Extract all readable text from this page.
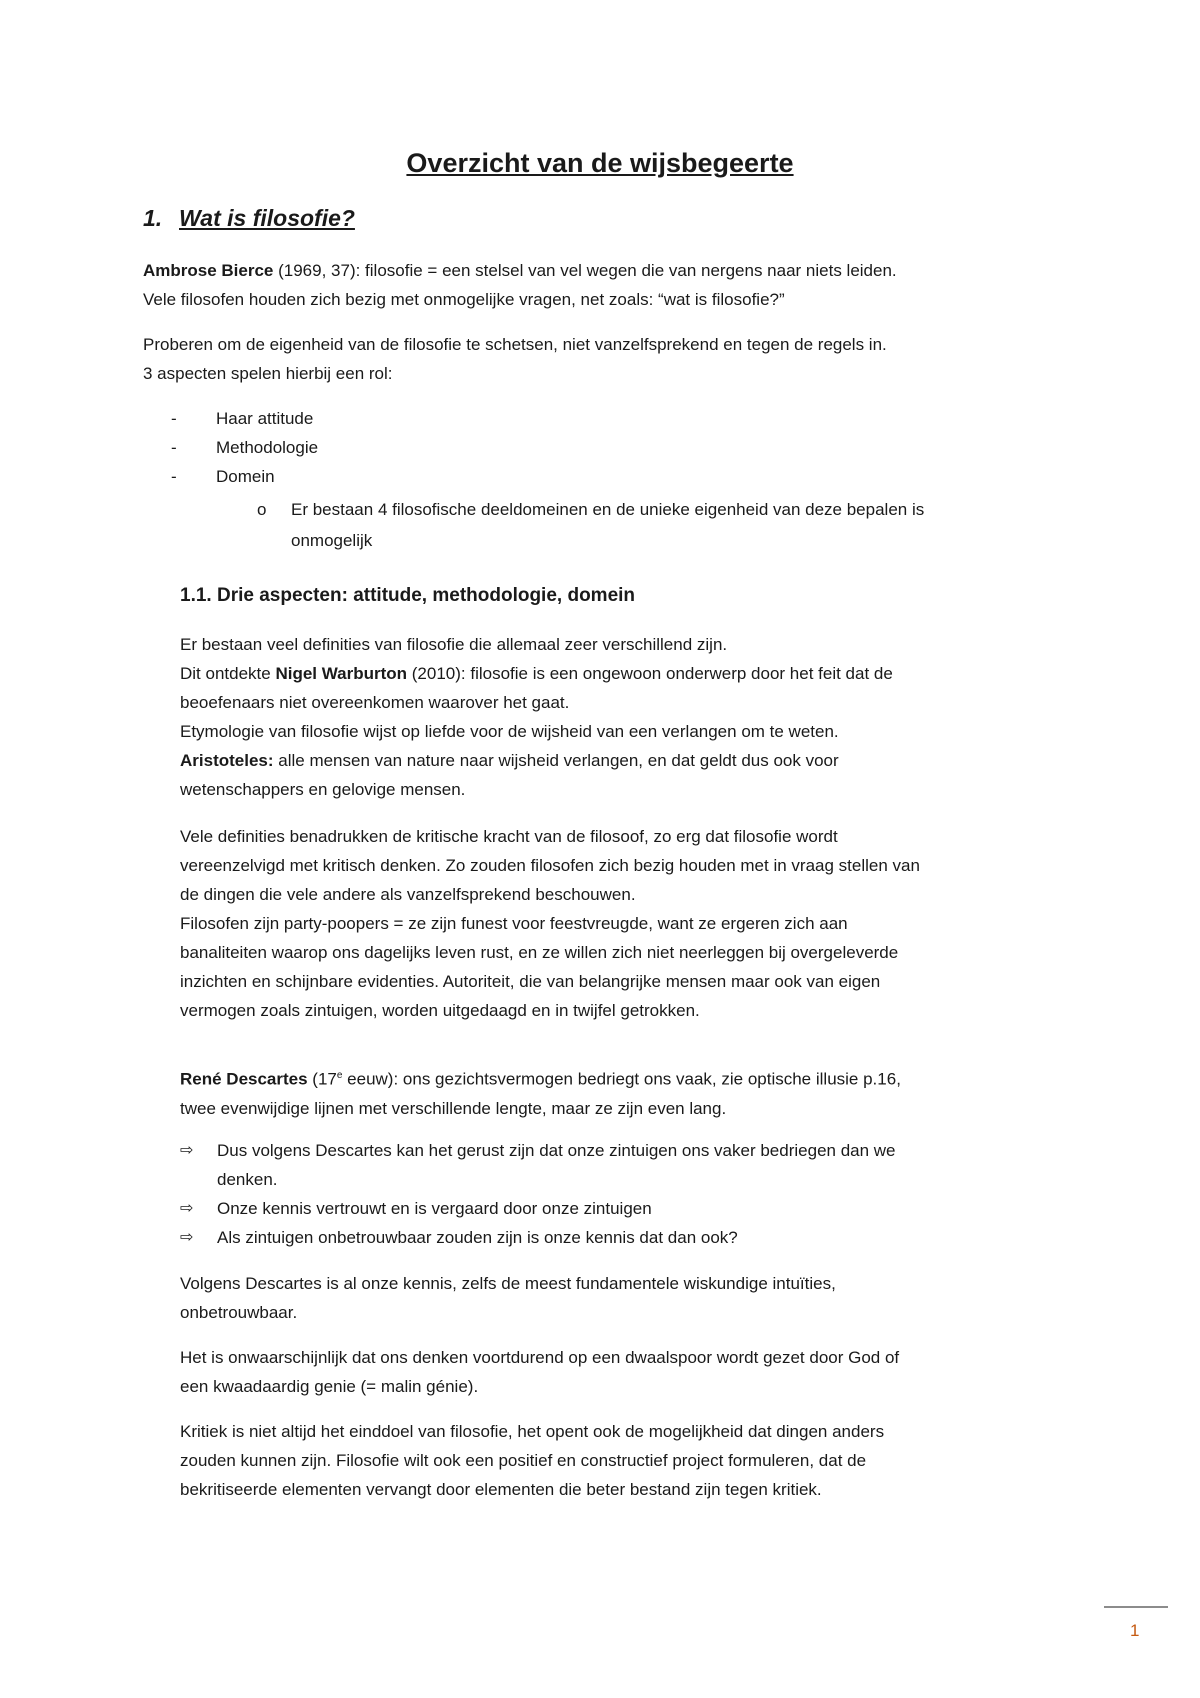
Overzicht van de wijsbegeerte
1. Wat is filosofie?

Ambrose Bierce (1969, 37): filosofie = een stelsel van vel wegen die van nergens naar niets leiden.
Vele filosofen houden zich bezig met onmogelijke vragen, net zoals: “wat is filosofie?”

Proberen om de eigenheid van de filosofie te schetsen, niet vanzelfsprekend en tegen de regels in.
3 aspecten spelen hierbij een rol:

- Haar attitude
- Methodologie
- Domein

o Er bestaan 4 filosofische deeldomeinen en de unieke eigenheid van deze bepalen is
onmogelijk

1.1. Drie aspecten: attitude, methodologie, domein

Er bestaan veel definities van filosofie die allemaal zeer verschillend zijn.
Dit ontdekte Nigel Warburton (2010): filosofie is een ongewoon onderwerp door het feit dat de
beoefenaars niet overeenkomen waarover het gaat.
Etymologie van filosofie wijst op liefde voor de wijsheid van een verlangen om te weten.
Aristoteles: alle mensen van nature naar wijsheid verlangen, en dat geldt dus ook voor
wetenschappers en gelovige mensen.

Vele definities benadrukken de kritische kracht van de filosoof, zo erg dat filosofie wordt
vereenzelvigd met kritisch denken. Zo zouden filosofen zich bezig houden met in vraag stellen van
de dingen die vele andere als vanzelfsprekend beschouwen.
Filosofen zijn party-poopers = ze zijn funest voor feestvreugde, want ze ergeren zich aan
banaliteiten waarop ons dagelijks leven rust, en ze willen zich niet neerleggen bij overgeleverde
inzichten en schijnbare evidenties. Autoriteit, die van belangrijke mensen maar ook van eigen
vermogen zoals zintuigen, worden uitgedaagd en in twijfel getrokken.

René Descartes (17e eeuw): ons gezichtsvermogen bedriegt ons vaak, zie optische illusie p.16,
twee evenwijdige lijnen met verschillende lengte, maar ze zijn even lang.

⇨ Dus volgens Descartes kan het gerust zijn dat onze zintuigen ons vaker bedriegen dan we
denken.
⇨ Onze kennis vertrouwt en is vergaard door onze zintuigen
⇨ Als zintuigen onbetrouwbaar zouden zijn is onze kennis dat dan ook?

Volgens Descartes is al onze kennis, zelfs de meest fundamentele wiskundige intuïties,
onbetrouwbaar.

Het is onwaarschijnlijk dat ons denken voortdurend op een dwaalspoor wordt gezet door God of
een kwaadaardig genie (= malin génie).

Kritiek is niet altijd het einddoel van filosofie, het opent ook de mogelijkheid dat dingen anders
zouden kunnen zijn. Filosofie wilt ook een positief en constructief project formuleren, dat de
bekritiseerde elementen vervangt door elementen die beter bestand zijn tegen kritiek.

1
